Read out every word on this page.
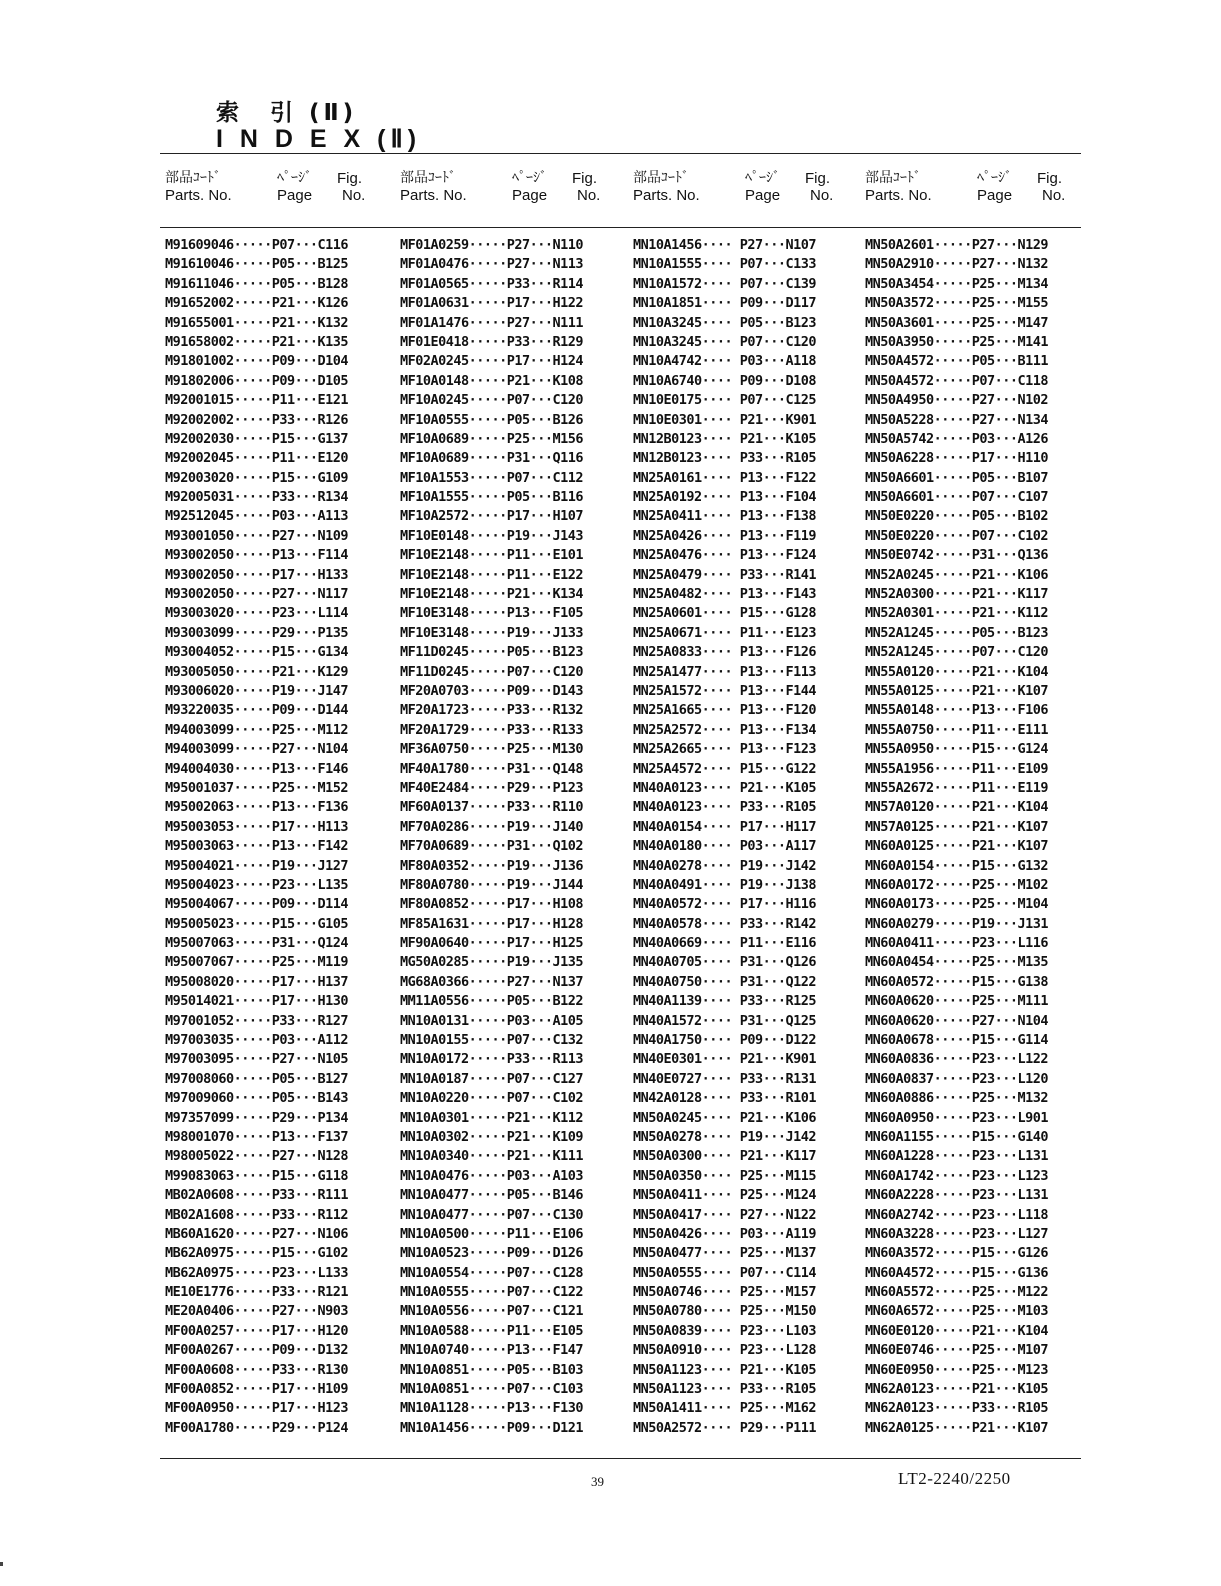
索　引 (Ⅱ)
I N D E X (Ⅱ)
部品ｺｰﾄﾞ
Parts. No.
ﾍﾟｰｼﾞ
Page
Fig.
No.
部品ｺｰﾄﾞ
Parts. No.
ﾍﾟｰｼﾞ
Page
Fig.
No.
部品ｺｰﾄﾞ
Parts. No.
ﾍﾟｰｼﾞ
Page
Fig.
No.
部品ｺｰﾄﾞ
Parts. No.
ﾍﾟｰｼﾞ
Page
Fig.
No.
M91609046·····P07···C116
M91610046·····P05···B125
M91611046·····P05···B128
M91652002·····P21···K126
M91655001·····P21···K132
M91658002·····P21···K135
M91801002·····P09···D104
M91802006·····P09···D105
M92001015·····P11···E121
M92002002·····P33···R126
M92002030·····P15···G137
M92002045·····P11···E120
M92003020·····P15···G109
M92005031·····P33···R134
M92512045·····P03···A113
M93001050·····P27···N109
M93002050·····P13···F114
M93002050·····P17···H133
M93002050·····P27···N117
M93003020·····P23···L114
M93003099·····P29···P135
M93004052·····P15···G134
M93005050·····P21···K129
M93006020·····P19···J147
M93220035·····P09···D144
M94003099·····P25···M112
M94003099·····P27···N104
M94004030·····P13···F146
M95001037·····P25···M152
M95002063·····P13···F136
M95003053·····P17···H113
M95003063·····P13···F142
M95004021·····P19···J127
M95004023·····P23···L135
M95004067·····P09···D114
M95005023·····P15···G105
M95007063·····P31···Q124
M95007067·····P25···M119
M95008020·····P17···H137
M95014021·····P17···H130
M97001052·····P33···R127
M97003035·····P03···A112
M97003095·····P27···N105
M97008060·····P05···B127
M97009060·····P05···B143
M97357099·····P29···P134
M98001070·····P13···F137
M98005022·····P27···N128
M99083063·····P15···G118
MB02A0608·····P33···R111
MB02A1608·····P33···R112
MB60A1620·····P27···N106
MB62A0975·····P15···G102
MB62A0975·····P23···L133
ME10E1776·····P33···R121
ME20A0406·····P27···N903
MF00A0257·····P17···H120
MF00A0267·····P09···D132
MF00A0608·····P33···R130
MF00A0852·····P17···H109
MF00A0950·····P17···H123
MF00A1780·····P29···P124
MF01A0259·····P27···N110
MF01A0476·····P27···N113
MF01A0565·····P33···R114
MF01A0631·····P17···H122
MF01A1476·····P27···N111
MF01E0418·····P33···R129
MF02A0245·····P17···H124
MF10A0148·····P21···K108
MF10A0245·····P07···C120
MF10A0555·····P05···B126
MF10A0689·····P25···M156
MF10A0689·····P31···Q116
MF10A1553·····P07···C112
MF10A1555·····P05···B116
MF10A2572·····P17···H107
MF10E0148·····P19···J143
MF10E2148·····P11···E101
MF10E2148·····P11···E122
MF10E2148·····P21···K134
MF10E3148·····P13···F105
MF10E3148·····P19···J133
MF11D0245·····P05···B123
MF11D0245·····P07···C120
MF20A0703·····P09···D143
MF20A1723·····P33···R132
MF20A1729·····P33···R133
MF36A0750·····P25···M130
MF40A1780·····P31···Q148
MF40E2484·····P29···P123
MF60A0137·····P33···R110
MF70A0286·····P19···J140
MF70A0689·····P31···Q102
MF80A0352·····P19···J136
MF80A0780·····P19···J144
MF80A0852·····P17···H108
MF85A1631·····P17···H128
MF90A0640·····P17···H125
MG50A0285·····P19···J135
MG68A0366·····P27···N137
MM11A0556·····P05···B122
MN10A0131·····P03···A105
MN10A0155·····P07···C132
MN10A0172·····P33···R113
MN10A0187·····P07···C127
MN10A0220·····P07···C102
MN10A0301·····P21···K112
MN10A0302·····P21···K109
MN10A0340·····P21···K111
MN10A0476·····P03···A103
MN10A0477·····P05···B146
MN10A0477·····P07···C130
MN10A0500·····P11···E106
MN10A0523·····P09···D126
MN10A0554·····P07···C128
MN10A0555·····P07···C122
MN10A0556·····P07···C121
MN10A0588·····P11···E105
MN10A0740·····P13···F147
MN10A0851·····P05···B103
MN10A0851·····P07···C103
MN10A1128·····P13···F130
MN10A1456·····P09···D121
MN10A1456···· P27···N107
MN10A1555···· P07···C133
MN10A1572···· P07···C139
MN10A1851···· P09···D117
MN10A3245···· P05···B123
MN10A3245···· P07···C120
MN10A4742···· P03···A118
MN10A6740···· P09···D108
MN10E0175···· P07···C125
MN10E0301···· P21···K901
MN12B0123···· P21···K105
MN12B0123···· P33···R105
MN25A0161···· P13···F122
MN25A0192···· P13···F104
MN25A0411···· P13···F138
MN25A0426···· P13···F119
MN25A0476···· P13···F124
MN25A0479···· P33···R141
MN25A0482···· P13···F143
MN25A0601···· P15···G128
MN25A0671···· P11···E123
MN25A0833···· P13···F126
MN25A1477···· P13···F113
MN25A1572···· P13···F144
MN25A1665···· P13···F120
MN25A2572···· P13···F134
MN25A2665···· P13···F123
MN25A4572···· P15···G122
MN40A0123···· P21···K105
MN40A0123···· P33···R105
MN40A0154···· P17···H117
MN40A0180···· P03···A117
MN40A0278···· P19···J142
MN40A0491···· P19···J138
MN40A0572···· P17···H116
MN40A0578···· P33···R142
MN40A0669···· P11···E116
MN40A0705···· P31···Q126
MN40A0750···· P31···Q122
MN40A1139···· P33···R125
MN40A1572···· P31···Q125
MN40A1750···· P09···D122
MN40E0301···· P21···K901
MN40E0727···· P33···R131
MN42A0128···· P33···R101
MN50A0245···· P21···K106
MN50A0278···· P19···J142
MN50A0300···· P21···K117
MN50A0350···· P25···M115
MN50A0411···· P25···M124
MN50A0417···· P27···N122
MN50A0426···· P03···A119
MN50A0477···· P25···M137
MN50A0555···· P07···C114
MN50A0746···· P25···M157
MN50A0780···· P25···M150
MN50A0839···· P23···L103
MN50A0910···· P23···L128
MN50A1123···· P21···K105
MN50A1123···· P33···R105
MN50A1411···· P25···M162
MN50A2572···· P29···P111
MN50A2601·····P27···N129
MN50A2910·····P27···N132
MN50A3454·····P25···M134
MN50A3572·····P25···M155
MN50A3601·····P25···M147
MN50A3950·····P25···M141
MN50A4572·····P05···B111
MN50A4572·····P07···C118
MN50A4950·····P27···N102
MN50A5228·····P27···N134
MN50A5742·····P03···A126
MN50A6228·····P17···H110
MN50A6601·····P05···B107
MN50A6601·····P07···C107
MN50E0220·····P05···B102
MN50E0220·····P07···C102
MN50E0742·····P31···Q136
MN52A0245·····P21···K106
MN52A0300·····P21···K117
MN52A0301·····P21···K112
MN52A1245·····P05···B123
MN52A1245·····P07···C120
MN55A0120·····P21···K104
MN55A0125·····P21···K107
MN55A0148·····P13···F106
MN55A0750·····P11···E111
MN55A0950·····P15···G124
MN55A1956·····P11···E109
MN55A2672·····P11···E119
MN57A0120·····P21···K104
MN57A0125·····P21···K107
MN60A0125·····P21···K107
MN60A0154·····P15···G132
MN60A0172·····P25···M102
MN60A0173·····P25···M104
MN60A0279·····P19···J131
MN60A0411·····P23···L116
MN60A0454·····P25···M135
MN60A0572·····P15···G138
MN60A0620·····P25···M111
MN60A0620·····P27···N104
MN60A0678·····P15···G114
MN60A0836·····P23···L122
MN60A0837·····P23···L120
MN60A0886·····P25···M132
MN60A0950·····P23···L901
MN60A1155·····P15···G140
MN60A1228·····P23···L131
MN60A1742·····P23···L123
MN60A2228·····P23···L131
MN60A2742·····P23···L118
MN60A3228·····P23···L127
MN60A3572·····P15···G126
MN60A4572·····P15···G136
MN60A5572·····P25···M122
MN60A6572·····P25···M103
MN60E0120·····P21···K104
MN60E0746·····P25···M107
MN60E0950·····P25···M123
MN62A0123·····P21···K105
MN62A0123·····P33···R105
MN62A0125·····P21···K107
39	LT2-2240/2250
